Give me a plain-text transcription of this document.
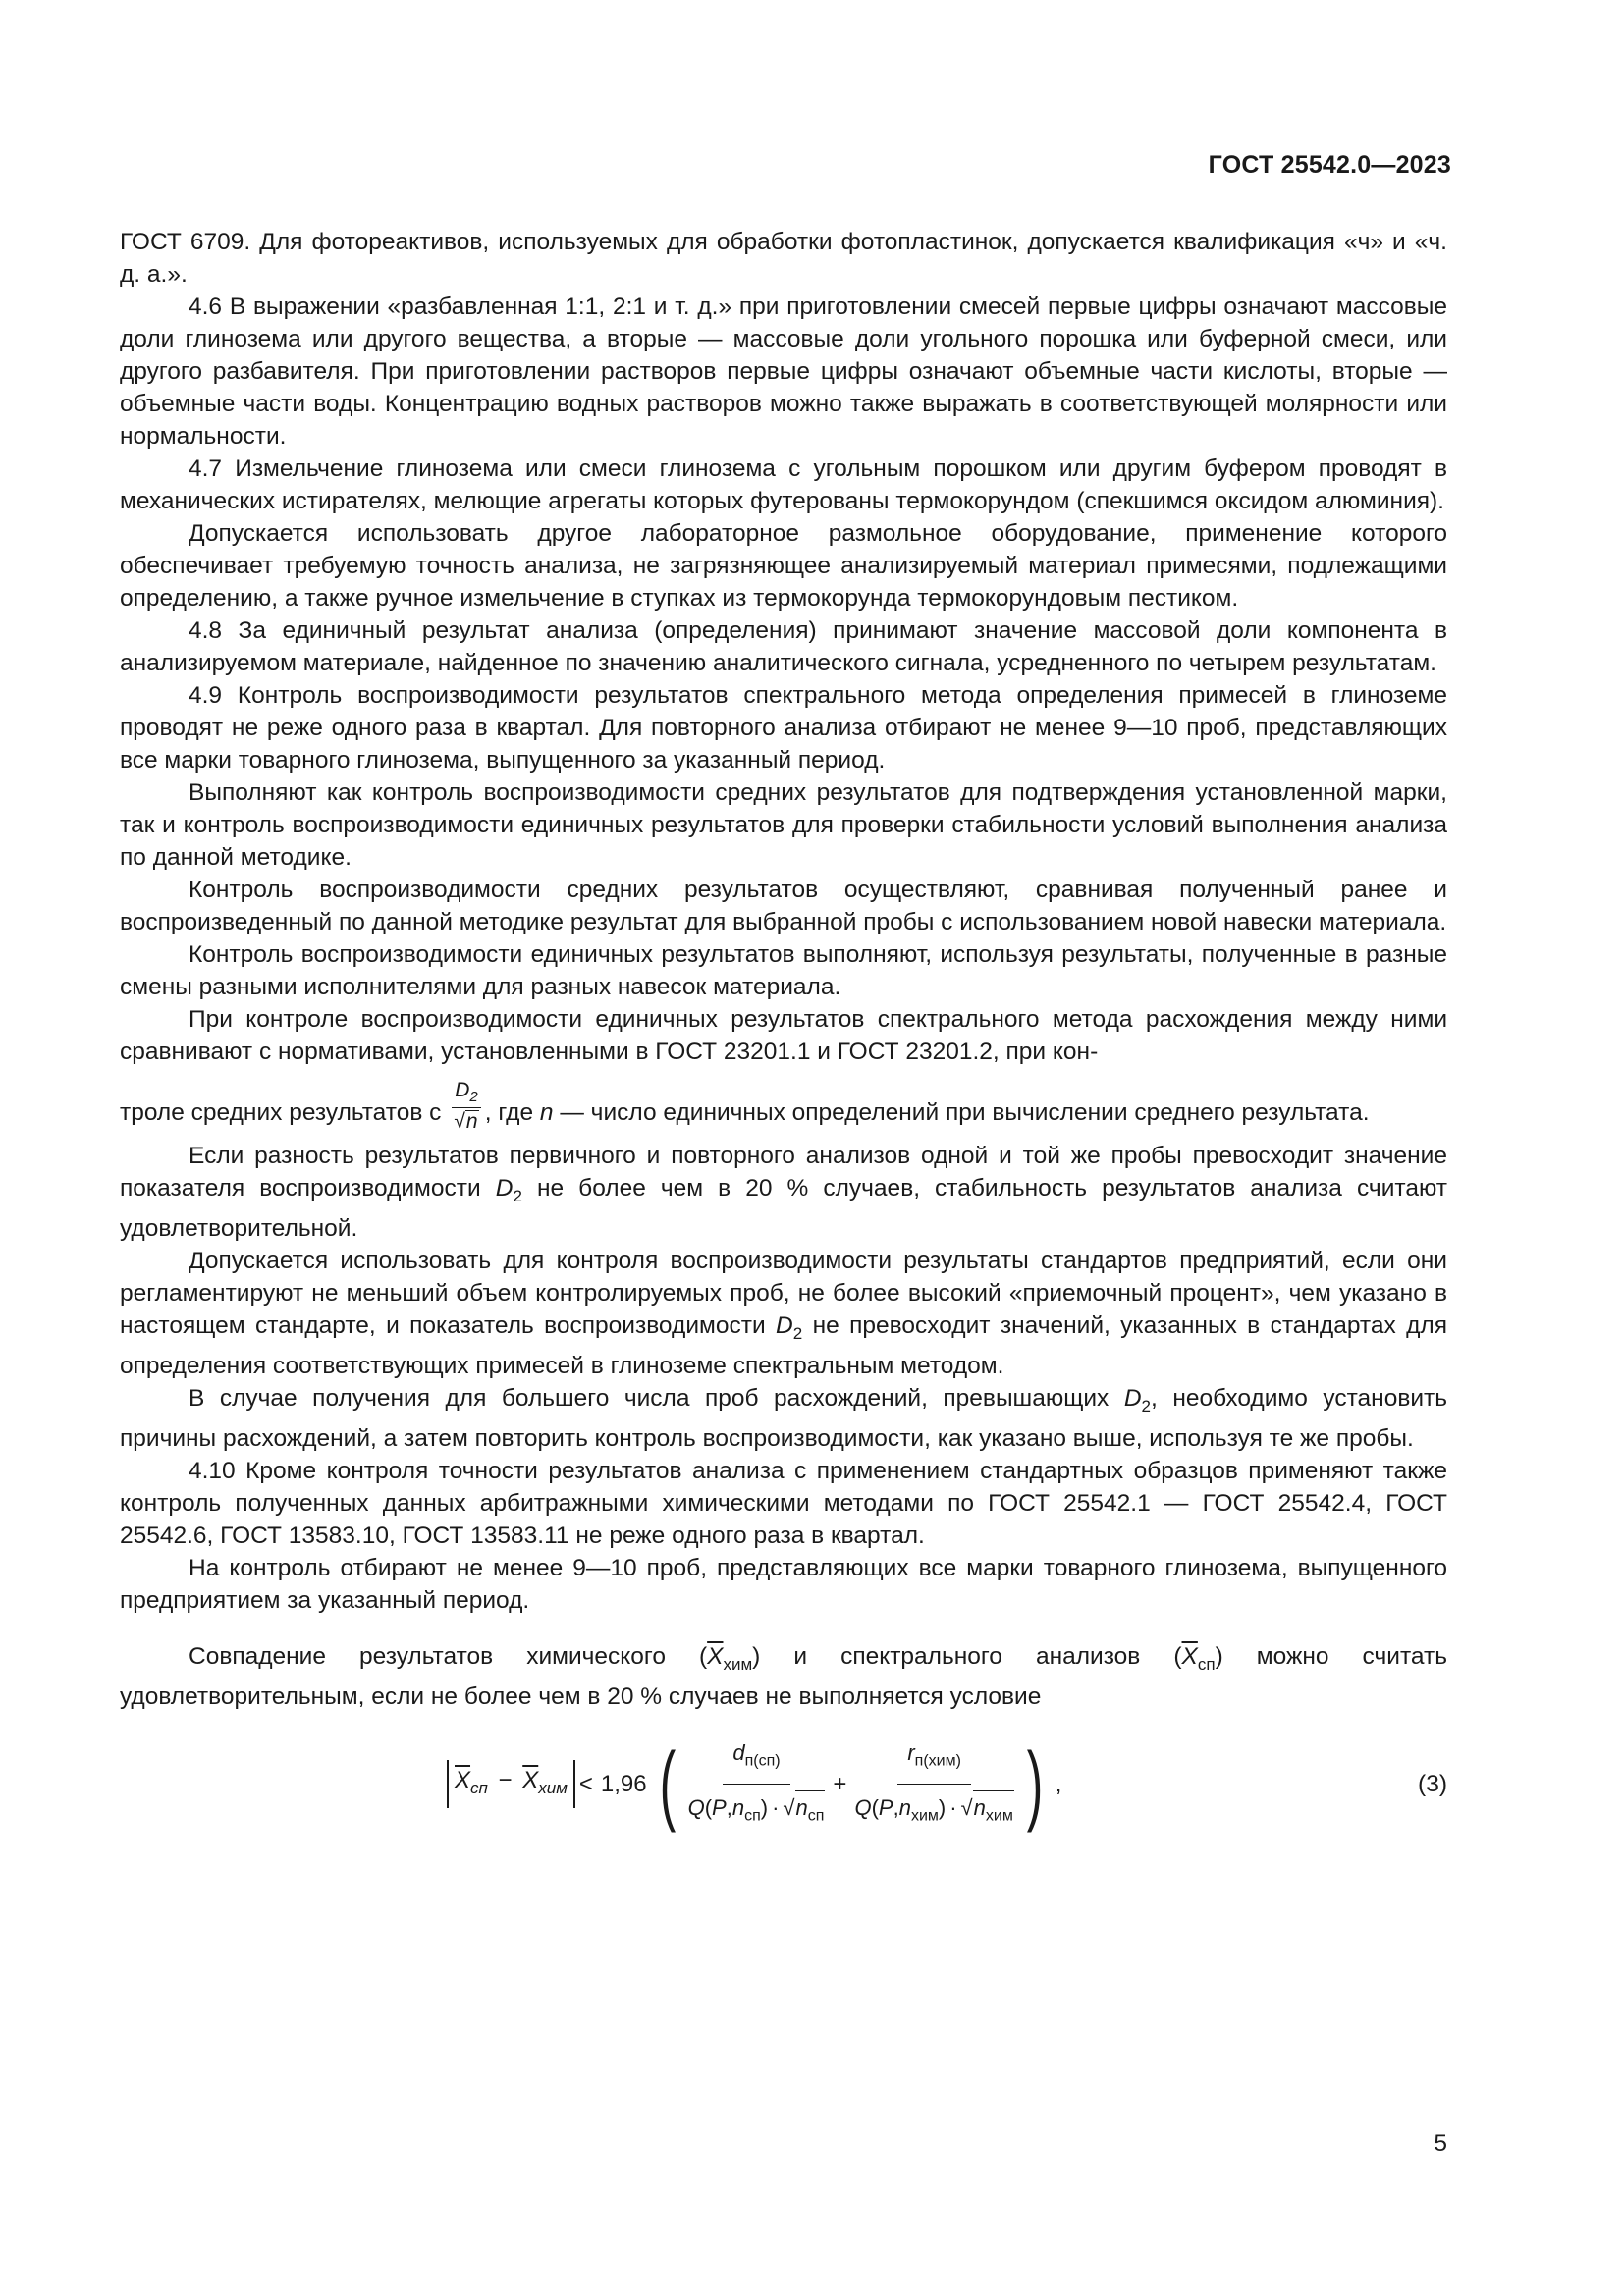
ГОСТ 25542.0—2023

ГОСТ 6709. Для фотореактивов, используемых для обработки фотопластинок, допускается квалификация «ч» и «ч. д. а.».

4.6 В выражении «разбавленная 1:1, 2:1 и т. д.» при приготовлении смесей первые цифры означают массовые доли глинозема или другого вещества, а вторые — массовые доли угольного порошка или буферной смеси, или другого разбавителя. При приготовлении растворов первые цифры означают объемные части кислоты, вторые — объемные части воды. Концентрацию водных растворов можно также выражать в соответствующей молярности или нормальности.

4.7 Измельчение глинозема или смеси глинозема с угольным порошком или другим буфером проводят в механических истирателях, мелющие агрегаты которых футерованы термокорундом (спекшимся оксидом алюминия).

Допускается использовать другое лабораторное размольное оборудование, применение которого обеспечивает требуемую точность анализа, не загрязняющее анализируемый материал примесями, подлежащими определению, а также ручное измельчение в ступках из термокорунда термокорундовым пестиком.

4.8 За единичный результат анализа (определения) принимают значение массовой доли компонента в анализируемом материале, найденное по значению аналитического сигнала, усредненного по четырем результатам.

4.9 Контроль воспроизводимости результатов спектрального метода определения примесей в глиноземе проводят не реже одного раза в квартал. Для повторного анализа отбирают не менее 9—10 проб, представляющих все марки товарного глинозема, выпущенного за указанный период.

Выполняют как контроль воспроизводимости средних результатов для подтверждения установленной марки, так и контроль воспроизводимости единичных результатов для проверки стабильности условий выполнения анализа по данной методике.

Контроль воспроизводимости средних результатов осуществляют, сравнивая полученный ранее и воспроизведенный по данной методике результат для выбранной пробы с использованием новой навески материала.

Контроль воспроизводимости единичных результатов выполняют, используя результаты, полученные в разные смены разными исполнителями для разных навесок материала.

При контроле воспроизводимости единичных результатов спектрального метода расхождения между ними сравнивают с нормативами, установленными в ГОСТ 23201.1 и ГОСТ 23201.2, при кон-

троле средних результатов с $\frac{D_2}{√n}$ , где n — число единичных определений при вычислении среднего результата.

Если разность результатов первичного и повторного анализов одной и той же пробы превосходит значение показателя воспроизводимости $D_2$ не более чем в 20 % случаев, стабильность результатов анализа считают удовлетворительной.

Допускается использовать для контроля воспроизводимости результаты стандартов предприятий, если они регламентируют не меньший объем контролируемых проб, не более высокий «приемочный процент», чем указано в настоящем стандарте, и показатель воспроизводимости $D_2$ не превосходит значений, указанных в стандартах для определения соответствующих примесей в глиноземе спектральным методом.

В случае получения для большего числа проб расхождений, превышающих $D_2$, необходимо установить причины расхождений, а затем повторить контроль воспроизводимости, как указано выше, используя те же пробы.

4.10 Кроме контроля точности результатов анализа с применением стандартных образцов применяют также контроль полученных данных арбитражными химическими методами по ГОСТ 25542.1 — ГОСТ 25542.4, ГОСТ 25542.6, ГОСТ 13583.10, ГОСТ 13583.11 не реже одного раза в квартал.

На контроль отбирают не менее 9—10 проб, представляющих все марки товарного глинозема, выпущенного предприятием за указанный период.

Совпадение результатов химического $(\overline{X}_{хим})$ и спектрального анализов $(\overline{X}_{сп})$ можно считать удовлетворительным, если не более чем в 20 % случаев не выполняется условие

$\overline{X}_{сп} - \overline{X}_{хим} < 1,96$ (	$d_{п(сп)}$
$Q(P,n_{сп}) \cdot √n_{сп}$
+
$r_{п(хим)}$
$Q(P,n_{хим}) \cdot √n_{хим}$ ) ,	(3)
5
